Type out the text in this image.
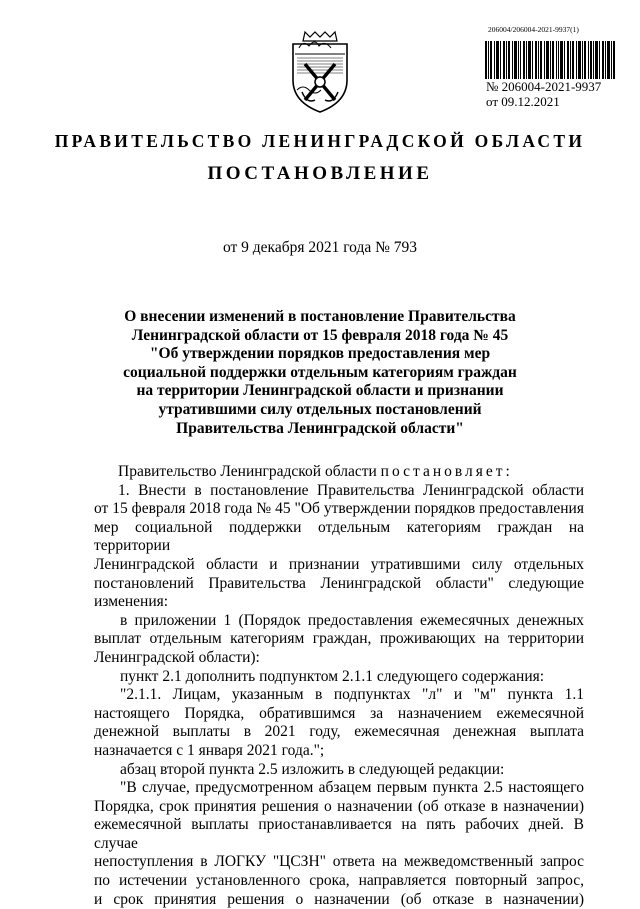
206004/206004-2021-9937(1)
№ 206004-2021-9937
от 09.12.2021
ПРАВИТЕЛЬСТВО ЛЕНИНГРАДСКОЙ ОБЛАСТИ
ПОСТАНОВЛЕНИЕ
от 9 декабря 2021 года № 793
О внесении изменений в постановление Правительства
Ленинградской области от 15 февраля 2018 года № 45
"Об утверждении порядков предоставления мер
социальной поддержки отдельным категориям граждан
на территории Ленинградской области и признании
утратившими силу отдельных постановлений
Правительства Ленинградской области"
Правительство Ленинградской области постановляет:
1. Внести в постановление Правительства Ленинградской области
от 15 февраля 2018 года № 45 "Об утверждении порядков предоставления
мер социальной поддержки отдельным категориям граждан на территории
Ленинградской области и признании утратившими силу отдельных
постановлений Правительства Ленинградской области" следующие
изменения:
в приложении 1 (Порядок предоставления ежемесячных денежных
выплат отдельным категориям граждан, проживающих на территории
Ленинградской области):
пункт 2.1 дополнить подпунктом 2.1.1 следующего содержания:
"2.1.1. Лицам, указанным в подпунктах "л" и "м" пункта 1.1
настоящего Порядка, обратившимся за назначением ежемесячной
денежной выплаты в 2021 году, ежемесячная денежная выплата
назначается с 1 января 2021 года.";
абзац второй пункта 2.5 изложить в следующей редакции:
"В случае, предусмотренном абзацем первым пункта 2.5 настоящего
Порядка, срок принятия решения о назначении (об отказе в назначении)
ежемесячной выплаты приостанавливается на пять рабочих дней. В случае
непоступления в ЛОГКУ "ЦСЗН" ответа на межведомственный запрос
по истечении установленного срока, направляется повторный запрос,
и срок принятия решения о назначении (об отказе в назначении)
